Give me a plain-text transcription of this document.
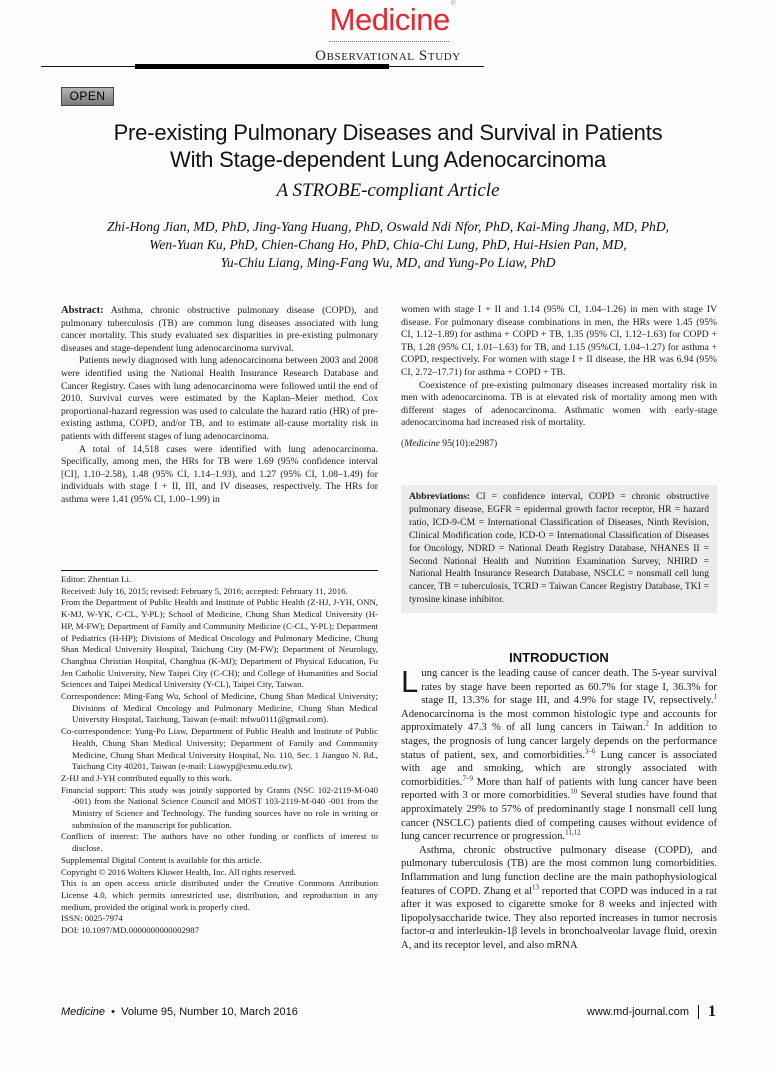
Medicine®
Observational Study
OPEN
Pre-existing Pulmonary Diseases and Survival in Patients
With Stage-dependent Lung Adenocarcinoma
A STROBE-compliant Article
Zhi-Hong Jian, MD, PhD, Jing-Yang Huang, PhD, Oswald Ndi Nfor, PhD, Kai-Ming Jhang, MD, PhD,
Wen-Yuan Ku, PhD, Chien-Chang Ho, PhD, Chia-Chi Lung, PhD, Hui-Hsien Pan, MD,
Yu-Chiu Liang, Ming-Fang Wu, MD, and Yung-Po Liaw, PhD

Abstract: Asthma, chronic obstructive pulmonary disease (COPD), and pulmonary tuberculosis (TB) are common lung diseases associated with lung cancer mortality. This study evaluated sex disparities in pre-existing pulmonary diseases and stage-dependent lung adenocarcinoma survival.

Patients newly diagnosed with lung adenocarcinoma between 2003 and 2008 were identified using the National Health Insurance Research Database and Cancer Registry. Cases with lung adenocarcinoma were followed until the end of 2010. Survival curves were estimated by the Kaplan–Meier method. Cox proportional-hazard regression was used to calculate the hazard ratio (HR) of pre-existing asthma, COPD, and/or TB, and to estimate all-cause mortality risk in patients with different stages of lung adenocarcinoma.

A total of 14,518 cases were identified with lung adenocarcinoma. Specifically, among men, the HRs for TB were 1.69 (95% confidence interval [CI], 1.10–2.58), 1.48 (95% CI, 1.14–1.93), and 1.27 (95% CI, 1.08–1.49) for individuals with stage I + II, III, and IV diseases, respectively. The HRs for asthma were 1.41 (95% CI, 1.00–1.99) in

women with stage I + II and 1.14 (95% CI, 1.04–1.26) in men with stage IV disease. For pulmonary disease combinations in men, the HRs were 1.45 (95% CI, 1.12–1.89) for asthma + COPD + TB, 1.35 (95% CI, 1.12–1.63) for COPD + TB, 1.28 (95% CI, 1.01–1.63) for TB, and 1.15 (95%CI, 1.04–1.27) for asthma + COPD, respectively. For women with stage I + II disease, the HR was 6.94 (95% CI, 2.72–17.71) for asthma + COPD + TB.

Coexistence of pre-existing pulmonary diseases increased mortality risk in men with adenocarcinoma. TB is at elevated risk of mortality among men with different stages of adenocarcinoma. Asthmatic women with early-stage adenocarcinoma had increased risk of mortality.

(Medicine 95(10):e2987)

Abbreviations: CI = confidence interval, COPD = chronic obstructive pulmonary disease, EGFR = epidermal growth factor receptor, HR = hazard ratio, ICD-9-CM = International Classification of Diseases, Ninth Revision, Clinical Modification code, ICD-O = International Classification of Diseases for Oncology, NDRD = National Death Registry Database, NHANES II = Second National Health and Nutrition Examination Survey, NHIRD = National Health Insurance Research Database, NSCLC = nonsmall cell lung cancer, TB = tuberculosis, TCRD = Taiwan Cancer Registry Database, TKI = tyrosine kinase inhibitor.

Editor: Zhentian Li.

Received: July 16, 2015; revised: February 5, 2016; accepted: February 11, 2016.

From the Department of Public Health and Institute of Public Health (Z-HJ, J-YH, ONN, K-MJ, W-YK, C-CL, Y-PL); School of Medicine, Chung Shan Medical University (H-HP, M-FW); Department of Family and Community Medicine (C-CL, Y-PL); Department of Pediatrics (H-HP); Divisions of Medical Oncology and Pulmonary Medicine, Chung Shan Medical University Hospital, Taichung City (M-FW); Department of Neurology, Changhua Christian Hospital, Changhua (K-MJ); Department of Physical Education, Fu Jen Catholic University, New Taipei City (C-CH); and College of Humanities and Social Sciences and Taipei Medical University (Y-CL), Taipei City, Taiwan.

Correspondence: Ming-Fang Wu, School of Medicine, Chung Shan Medical University; Divisions of Medical Oncology and Pulmonary Medicine, Chung Shan Medical University Hospital, Taichung, Taiwan (e-mail: mfwu0111@gmail.com).

Co-correspondence: Yung-Po Liaw, Department of Public Health and Institute of Public Health, Chung Shan Medical University; Department of Family and Community Medicine, Chung Shan Medical University Hospital, No. 110, Sec. 1 Jianguo N. Rd., Taichung City 40201, Taiwan (e-mail: Liawyp@csmu.edu.tw).

Z-HJ and J-YH contributed equally to this work.

Financial support: This study was jointly supported by Grants (NSC 102-2119-M-040 -001) from the National Science Council and MOST 103-2119-M-040 -001 from the Ministry of Science and Technology. The funding sources have no role in writing or submission of the manuscript for publication.

Conflicts of interest: The authors have no other funding or conflicts of interest to disclose.

Supplemental Digital Content is available for this article.

Copyright © 2016 Wolters Kluwer Health, Inc. All rights reserved.

This is an open access article distributed under the Creative Commons Attribution License 4.0, which permits unrestricted use, distribution, and reproduction in any medium, provided the original work is properly cited.

ISSN: 0025-7974

DOI: 10.1097/MD.0000000000002987

INTRODUCTION

Lung cancer is the leading cause of cancer death. The 5-year survival rates by stage have been reported as 60.7% for stage I, 36.3% for stage II, 13.3% for stage III, and 4.9% for stage IV, repsectively.$^1$ Adenocarcinoma is the most common histologic type and accounts for approximately 47.3 % of all lung cancers in Taiwan.$^2$ In addition to stages, the prognosis of lung cancer largely depends on the performance status of patient, sex, and comorbidities.$^{3-6}$ Lung cancer is associated with age and smoking, which are strongly associated with comorbidities.$^{7-9}$ More than half of patients with lung cancer have been reported with 3 or more comorbidities.$^{10}$ Several studies have found that approximately 29% to 57% of predominantly stage I nonsmall cell lung cancer (NSCLC) patients died of competing causes without evidence of lung cancer recurrence or progression.$^{11,12}$

Asthma, chronic obstructive pulmonary disease (COPD), and pulmonary tuberculosis (TB) are the most common lung comorbidities. Inflammation and lung function decline are the main pathophysiological features of COPD. Zhang et $al^{13}$ reported that COPD was induced in a rat after it was exposed to cigarette smoke for 8 weeks and injected with lipopolysaccharide twice. They also reported increases in tumor necrosis factor-α and interleukin-1β levels in bronchoalveolar lavage fluid, orexin A, and its receptor level, and also mRNA

Medicine • Volume 95, Number 10, March 2016	www.md-journal.com 1
